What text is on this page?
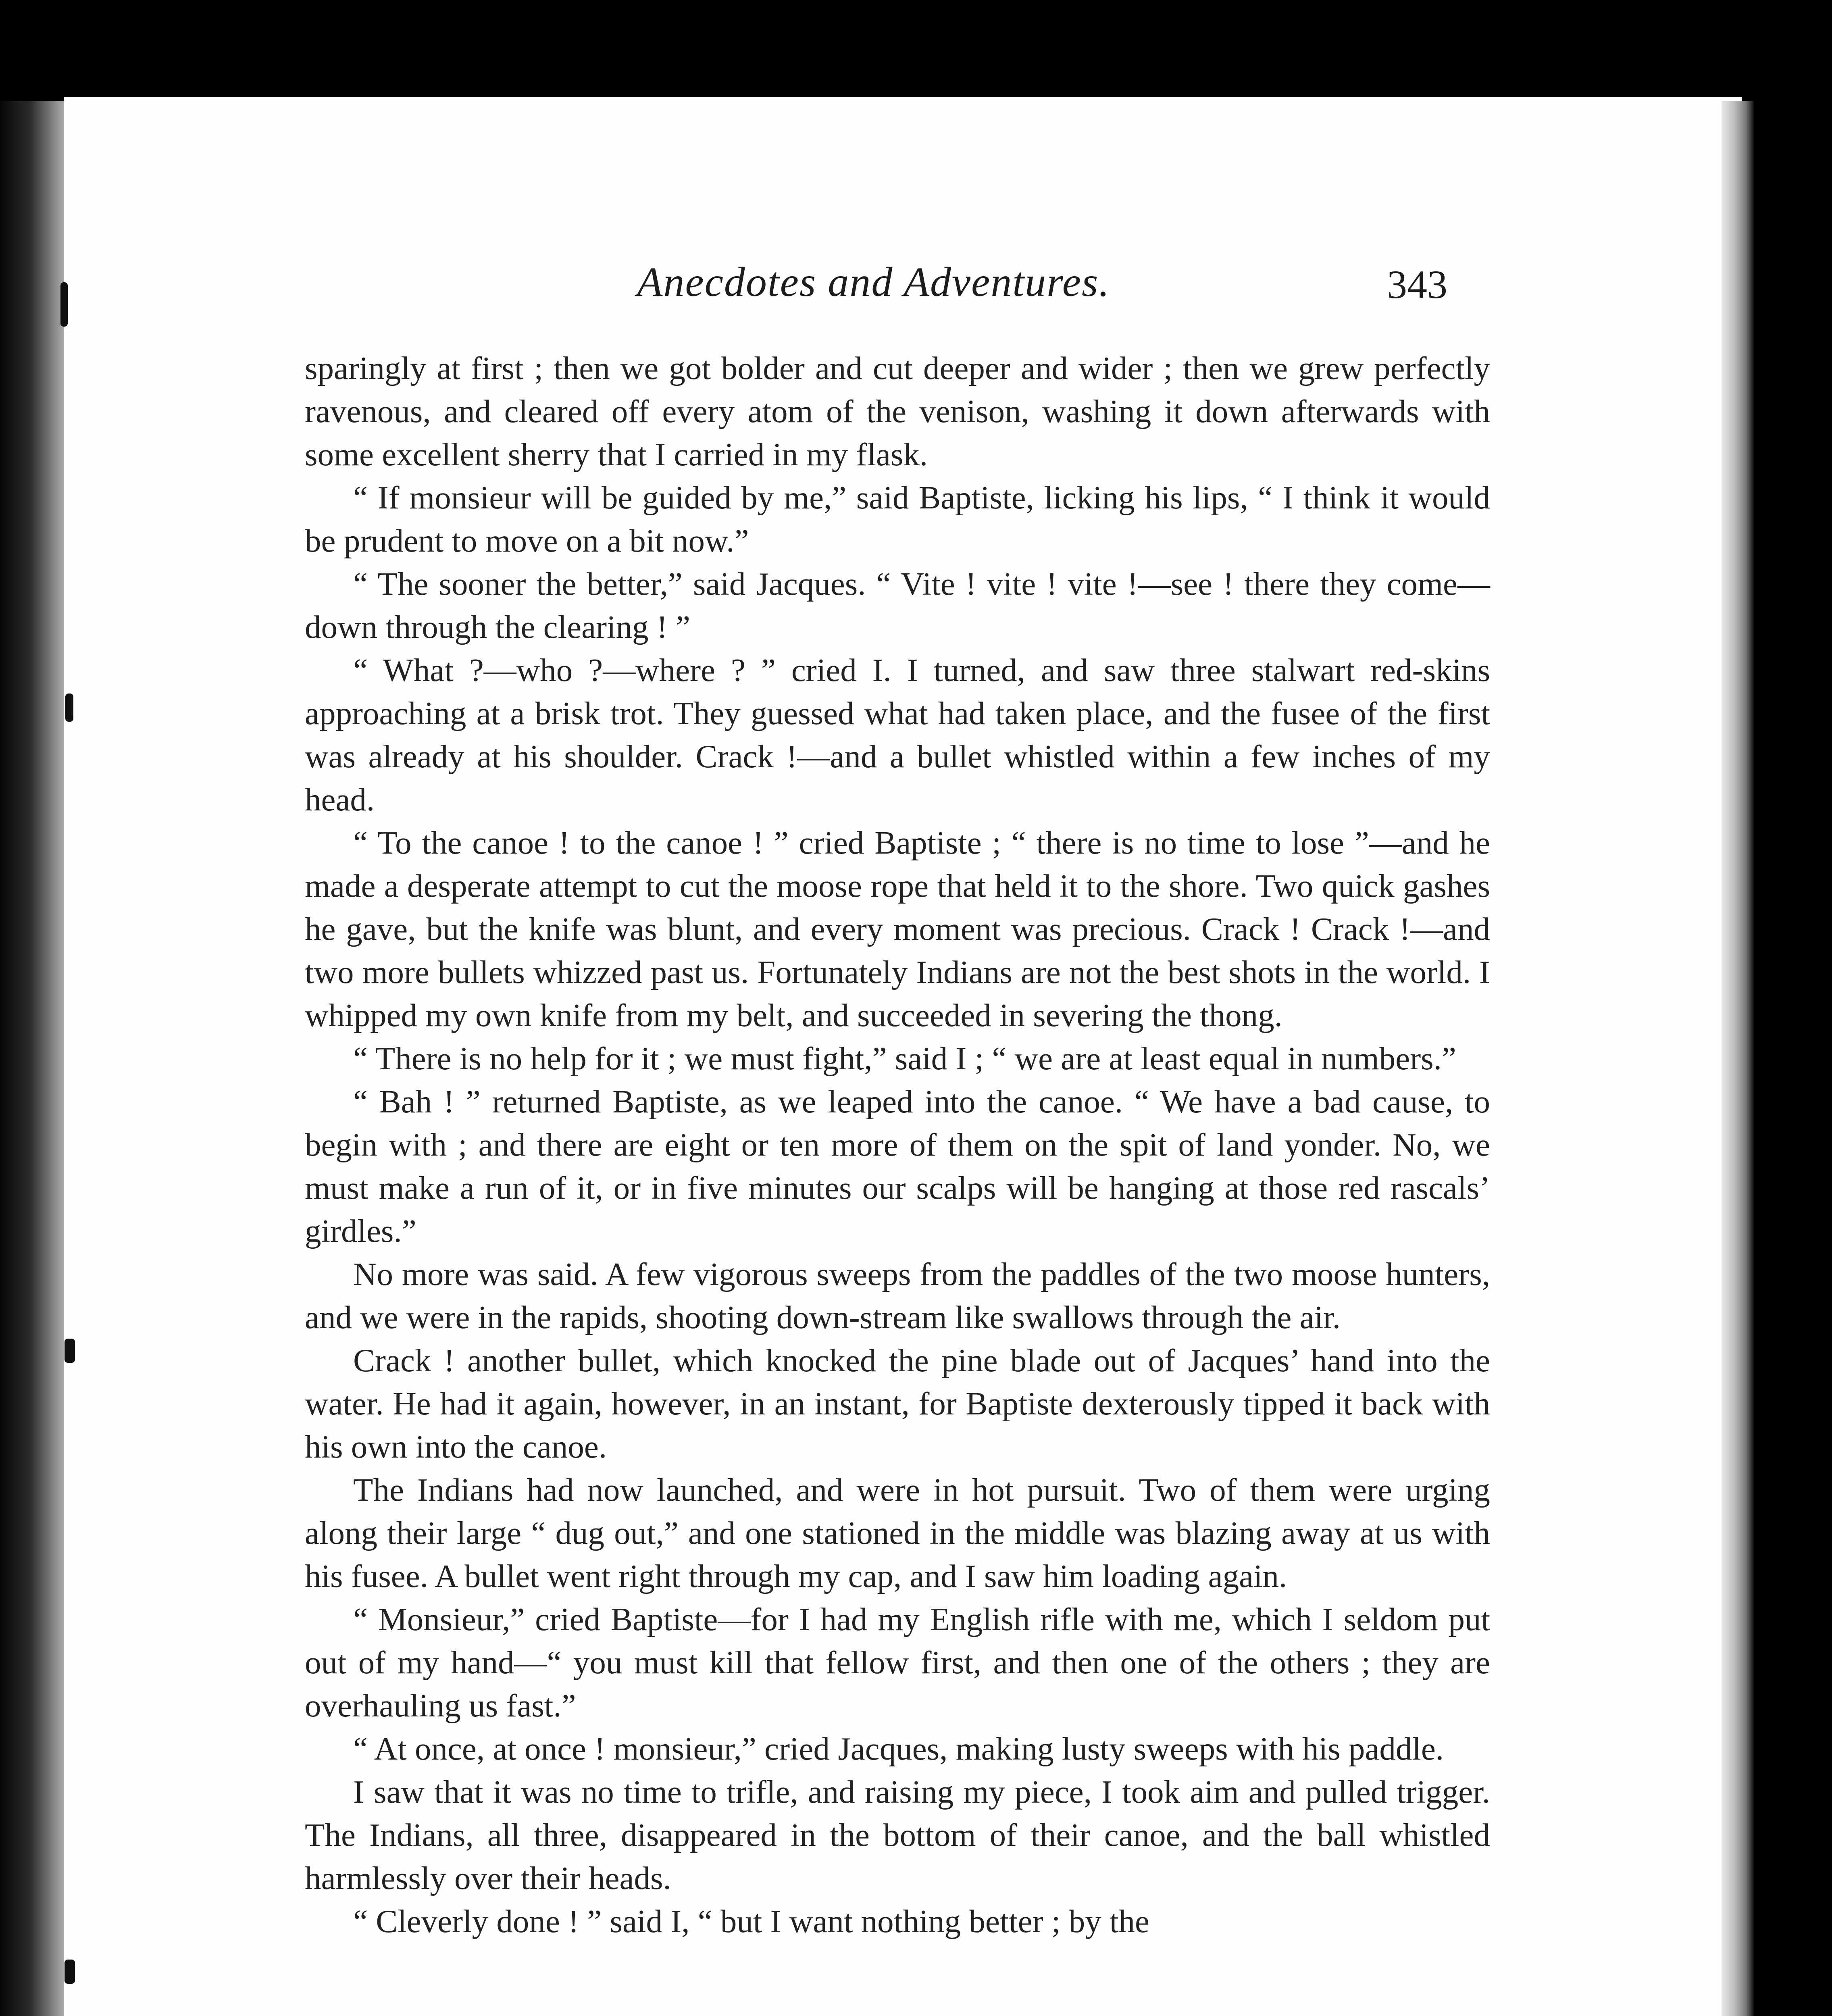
Anecdotes and Adventures.	343

sparingly at first ; then we got bolder and cut deeper and wider ; then we grew perfectly ravenous, and cleared off every atom of the venison, washing it down afterwards with some excellent sherry that I carried in my flask.

“ If monsieur will be guided by me,” said Baptiste, licking his lips, “ I think it would be prudent to move on a bit now.”

“ The sooner the better,” said Jacques. “ Vite ! vite ! vite !—see ! there they come—down through the clearing ! ”

“ What ?—who ?—where ? ” cried I. I turned, and saw three stalwart red-skins approaching at a brisk trot. They guessed what had taken place, and the fusee of the first was already at his shoulder. Crack !—and a bullet whistled within a few inches of my head.

“ To the canoe ! to the canoe ! ” cried Baptiste ; “ there is no time to lose ”—and he made a desperate attempt to cut the moose rope that held it to the shore. Two quick gashes he gave, but the knife was blunt, and every moment was precious. Crack ! Crack !—and two more bullets whizzed past us. Fortunately Indians are not the best shots in the world. I whipped my own knife from my belt, and succeeded in severing the thong.

“ There is no help for it ; we must fight,” said I ; “ we are at least equal in numbers.”

“ Bah ! ” returned Baptiste, as we leaped into the canoe. “ We have a bad cause, to begin with ; and there are eight or ten more of them on the spit of land yonder. No, we must make a run of it, or in five minutes our scalps will be hanging at those red rascals’ girdles.”

No more was said. A few vigorous sweeps from the paddles of the two moose hunters, and we were in the rapids, shooting down-stream like swallows through the air.

Crack ! another bullet, which knocked the pine blade out of Jacques’ hand into the water. He had it again, however, in an instant, for Baptiste dexterously tipped it back with his own into the canoe.

The Indians had now launched, and were in hot pursuit. Two of them were urging along their large “ dug out,” and one stationed in the middle was blazing away at us with his fusee. A bullet went right through my cap, and I saw him loading again.

“ Monsieur,” cried Baptiste—for I had my English rifle with me, which I seldom put out of my hand—“ you must kill that fellow first, and then one of the others ; they are overhauling us fast.”

“ At once, at once ! monsieur,” cried Jacques, making lusty sweeps with his paddle.

I saw that it was no time to trifle, and raising my piece, I took aim and pulled trigger. The Indians, all three, disappeared in the bottom of their canoe, and the ball whistled harmlessly over their heads.

“ Cleverly done ! ” said I, “ but I want nothing better ; by the
